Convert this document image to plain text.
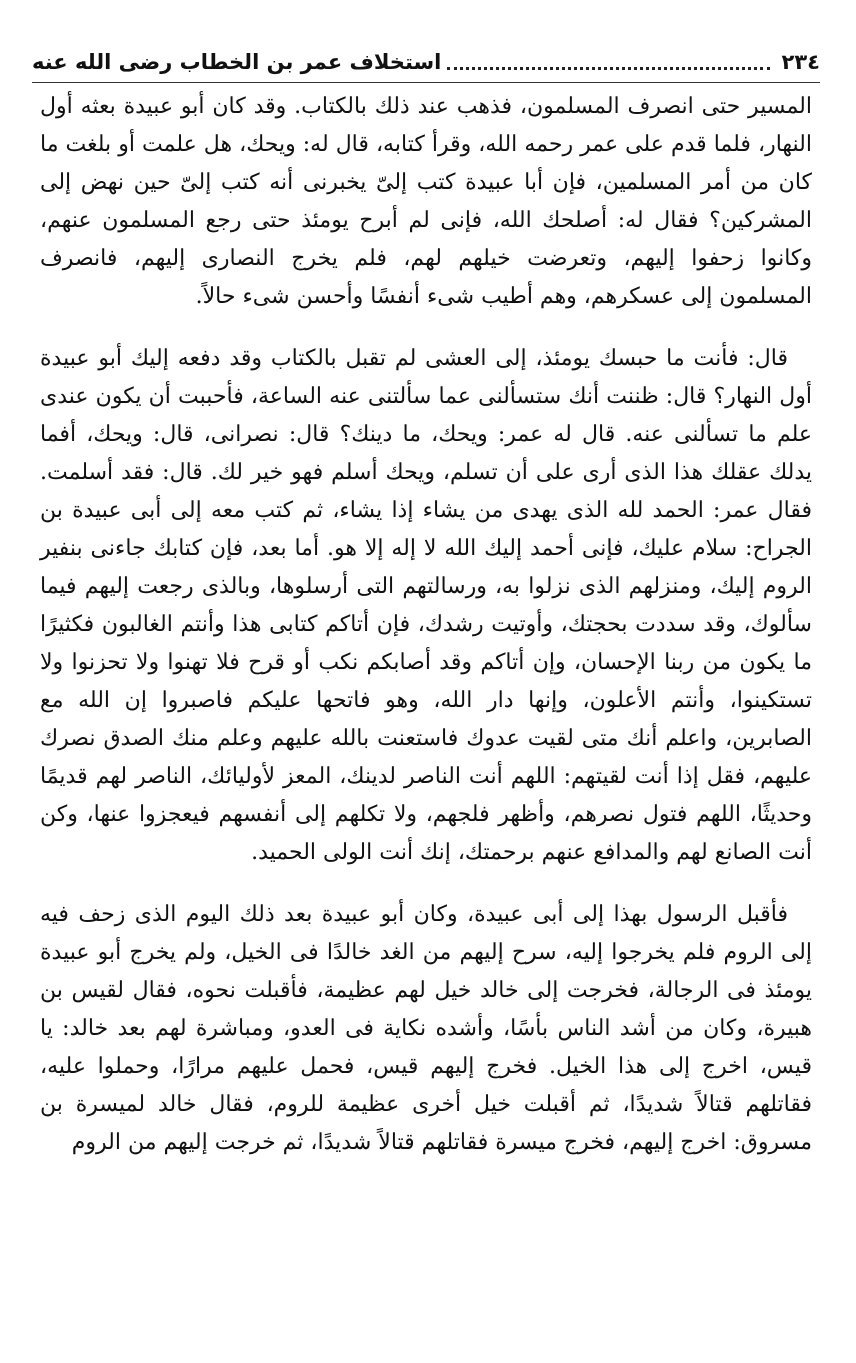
٢٣٤
استخلاف عمر بن الخطاب رضى الله عنه

المسير حتى انصرف المسلمون، فذهب عند ذلك بالكتاب. وقد كان أبو عبيدة بعثه أول النهار، فلما قدم على عمر رحمه الله، وقرأ كتابه، قال له: ويحك، هل علمت أو بلغت ما كان من أمر المسلمين، فإن أبا عبيدة كتب إلىّ يخبرنى أنه كتب إلىّ حين نهض إلى المشركين؟ فقال له: أصلحك الله، فإنى لم أبرح يومئذ حتى رجع المسلمون عنهم، وكانوا زحفوا إليهم، وتعرضت خيلهم لهم، فلم يخرج النصارى إليهم، فانصرف المسلمون إلى عسكرهم، وهم أطيب شىء أنفسًا وأحسن شىء حالاً.

قال: فأنت ما حبسك يومئذ، إلى العشى لم تقبل بالكتاب وقد دفعه إليك أبو عبيدة أول النهار؟ قال: ظننت أنك ستسألنى عما سألتنى عنه الساعة، فأحببت أن يكون عندى علم ما تسألنى عنه. قال له عمر: ويحك، ما دينك؟ قال: نصرانى، قال: ويحك، أفما يدلك عقلك هذا الذى أرى على أن تسلم، ويحك أسلم فهو خير لك. قال: فقد أسلمت. فقال عمر: الحمد لله الذى يهدى من يشاء إذا يشاء، ثم كتب معه إلى أبى عبيدة بن الجراح: سلام عليك، فإنى أحمد إليك الله لا إله إلا هو. أما بعد، فإن كتابك جاءنى بنفير الروم إليك، ومنزلهم الذى نزلوا به، ورسالتهم التى أرسلوها، وبالذى رجعت إليهم فيما سألوك، وقد سددت بحجتك، وأوتيت رشدك، فإن أتاكم كتابى هذا وأنتم الغالبون فكثيرًا ما يكون من ربنا الإحسان، وإن أتاكم وقد أصابكم نكب أو قرح فلا تهنوا ولا تحزنوا ولا تستكينوا، وأنتم الأعلون، وإنها دار الله، وهو فاتحها عليكم فاصبروا إن الله مع الصابرين، واعلم أنك متى لقيت عدوك فاستعنت بالله عليهم وعلم منك الصدق نصرك عليهم، فقل إذا أنت لقيتهم: اللهم أنت الناصر لدينك، المعز لأوليائك، الناصر لهم قديمًا وحديثًا، اللهم فتول نصرهم، وأظهر فلجهم، ولا تكلهم إلى أنفسهم فيعجزوا عنها، وكن أنت الصانع لهم والمدافع عنهم برحمتك، إنك أنت الولى الحميد.

فأقبل الرسول بهذا إلى أبى عبيدة، وكان أبو عبيدة بعد ذلك اليوم الذى زحف فيه إلى الروم فلم يخرجوا إليه، سرح إليهم من الغد خالدًا فى الخيل، ولم يخرج أبو عبيدة يومئذ فى الرجالة، فخرجت إلى خالد خيل لهم عظيمة، فأقبلت نحوه، فقال لقيس بن هبيرة، وكان من أشد الناس بأسًا، وأشده نكاية فى العدو، ومباشرة لهم بعد خالد: يا قيس، اخرج إلى هذا الخيل. فخرج إليهم قيس، فحمل عليهم مرارًا، وحملوا عليه، فقاتلهم قتالاً شديدًا، ثم أقبلت خيل أخرى عظيمة للروم، فقال خالد لميسرة بن مسروق: اخرج إليهم، فخرج ميسرة فقاتلهم قتالاً شديدًا، ثم خرجت إليهم من الروم
